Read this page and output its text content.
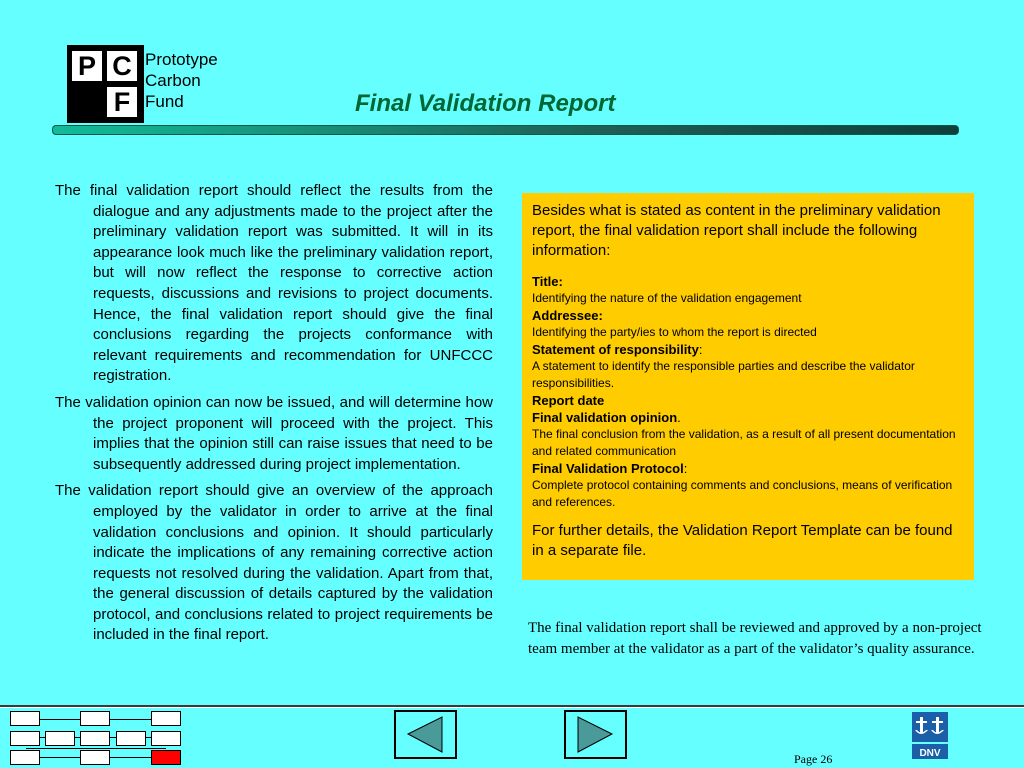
P C
F
Prototype
Carbon
Fund	Final Validation Report

The final validation report should reflect the results from the dialogue and any adjustments made to the project after the preliminary validation report was submitted. It will in its appearance look much like the preliminary validation report, but will now reflect the response to corrective action requests, discussions and revisions to project documents. Hence, the final validation report should give the final conclusions regarding the projects conformance with relevant requirements and recommendation for UNFCCC registration.

The validation opinion can now be issued, and will determine how the project proponent will proceed with the project. This implies that the opinion still can raise issues that need to be subsequently addressed during project implementation.

The validation report should give an overview of the approach employed by the validator in order to arrive at the final validation conclusions and opinion. It should particularly indicate the implications of any remaining corrective action requests not resolved during the validation. Apart from that, the general discussion of details captured by the validation protocol, and conclusions related to project requirements be included in the final report.

Besides what is stated as content in the preliminary validation report, the final validation report shall include the following information:
Title:
Identifying the nature of the validation engagement
Addressee:
Identifying the party/ies to whom the report is directed
Statement of responsibility:
A statement to identify the responsible parties and describe the validator responsibilities.
Report date
Final validation opinion.
The final conclusion from the validation, as a result of all present documentation and related communication
Final Validation Protocol:
Complete protocol containing comments and conclusions, means of verification and references.
For further details, the Validation Report Template can be found in a separate file.
The final validation report shall be reviewed and approved by a non-project team member at the validator as a part of the validator’s quality assurance.
DNV
Page 26
